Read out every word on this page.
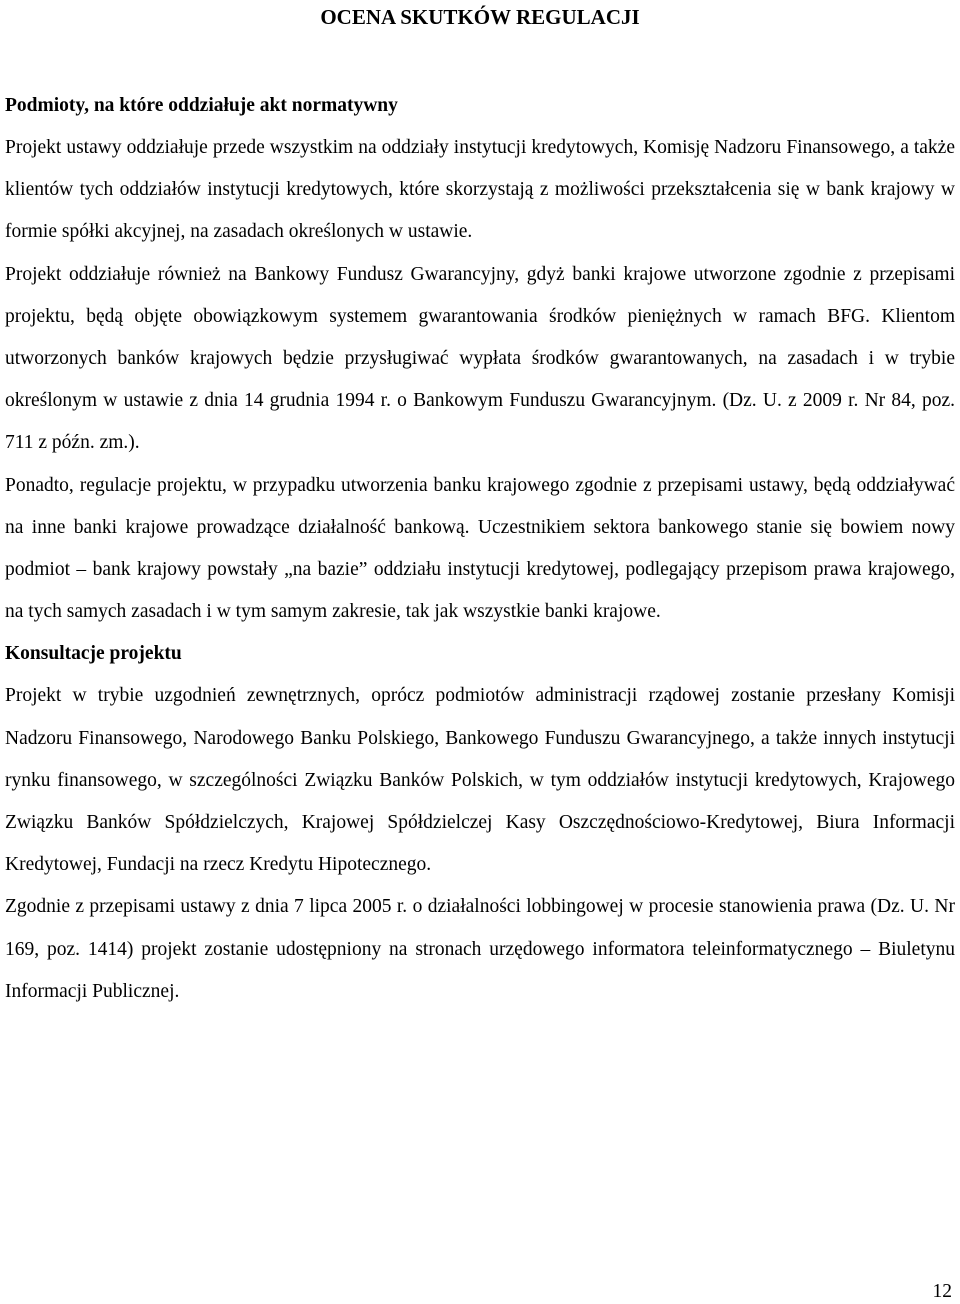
OCENA SKUTKÓW REGULACJI
Podmioty, na które oddziałuje akt normatywny

Projekt ustawy oddziałuje przede wszystkim na oddziały instytucji kredytowych, Komisję Nadzoru Finansowego, a także klientów tych oddziałów instytucji kredytowych, które skorzystają z możliwości przekształcenia się w bank krajowy w formie spółki akcyjnej, na zasadach określonych w ustawie.

Projekt oddziałuje również na Bankowy Fundusz Gwarancyjny, gdyż banki krajowe utworzone zgodnie z przepisami projektu, będą objęte obowiązkowym systemem gwarantowania środków pieniężnych w ramach BFG. Klientom utworzonych banków krajowych będzie przysługiwać wypłata środków gwarantowanych, na zasadach i w trybie określonym w ustawie z dnia 14 grudnia 1994 r. o Bankowym Funduszu Gwarancyjnym. (Dz. U. z 2009 r. Nr 84, poz. 711 z późn. zm.).

Ponadto, regulacje projektu, w przypadku utworzenia banku krajowego zgodnie z przepisami ustawy, będą oddziaływać na inne banki krajowe prowadzące działalność bankową. Uczestnikiem sektora bankowego stanie się bowiem nowy podmiot – bank krajowy powstały „na bazie” oddziału instytucji kredytowej, podlegający przepisom prawa krajowego, na tych samych zasadach i w tym samym zakresie, tak jak wszystkie banki krajowe.

Konsultacje projektu

Projekt w trybie uzgodnień zewnętrznych, oprócz podmiotów administracji rządowej zostanie przesłany Komisji Nadzoru Finansowego, Narodowego Banku Polskiego, Bankowego Funduszu Gwarancyjnego, a także innych instytucji rynku finansowego, w szczególności Związku Banków Polskich, w tym oddziałów instytucji kredytowych, Krajowego Związku Banków Spółdzielczych, Krajowej Spółdzielczej Kasy Oszczędnościowo-Kredytowej, Biura Informacji Kredytowej, Fundacji na rzecz Kredytu Hipotecznego.

Zgodnie z przepisami ustawy z dnia 7 lipca 2005 r. o działalności lobbingowej w procesie stanowienia prawa (Dz. U. Nr 169, poz. 1414) projekt zostanie udostępniony na stronach urzędowego informatora teleinformatycznego – Biuletynu Informacji Publicznej.

12
